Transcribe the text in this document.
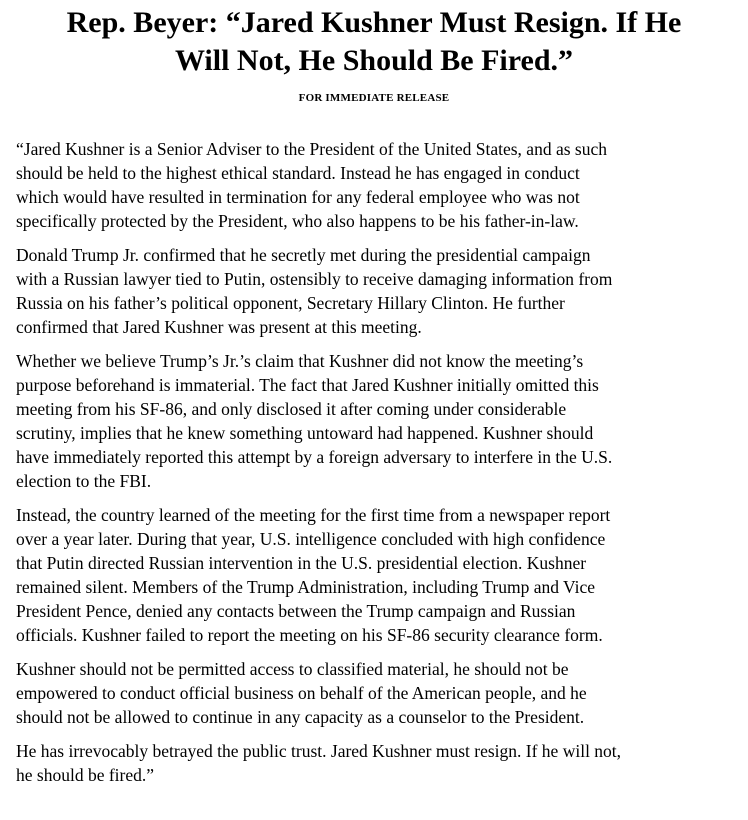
Rep. Beyer: “Jared Kushner Must Resign. If He
Will Not, He Should Be Fired.”
FOR IMMEDIATE RELEASE

“Jared Kushner is a Senior Adviser to the President of the United States, and as such
should be held to the highest ethical standard. Instead he has engaged in conduct
which would have resulted in termination for any federal employee who was not
specifically protected by the President, who also happens to be his father-in-law.

Donald Trump Jr. confirmed that he secretly met during the presidential campaign
with a Russian lawyer tied to Putin, ostensibly to receive damaging information from
Russia on his father’s political opponent, Secretary Hillary Clinton. He further
confirmed that Jared Kushner was present at this meeting.

Whether we believe Trump’s Jr.’s claim that Kushner did not know the meeting’s
purpose beforehand is immaterial. The fact that Jared Kushner initially omitted this
meeting from his SF-86, and only disclosed it after coming under considerable
scrutiny, implies that he knew something untoward had happened. Kushner should
have immediately reported this attempt by a foreign adversary to interfere in the U.S.
election to the FBI.

Instead, the country learned of the meeting for the first time from a newspaper report
over a year later. During that year, U.S. intelligence concluded with high confidence
that Putin directed Russian intervention in the U.S. presidential election. Kushner
remained silent. Members of the Trump Administration, including Trump and Vice
President Pence, denied any contacts between the Trump campaign and Russian
officials. Kushner failed to report the meeting on his SF-86 security clearance form.

Kushner should not be permitted access to classified material, he should not be
empowered to conduct official business on behalf of the American people, and he
should not be allowed to continue in any capacity as a counselor to the President.

He has irrevocably betrayed the public trust. Jared Kushner must resign. If he will not,
he should be fired.”
